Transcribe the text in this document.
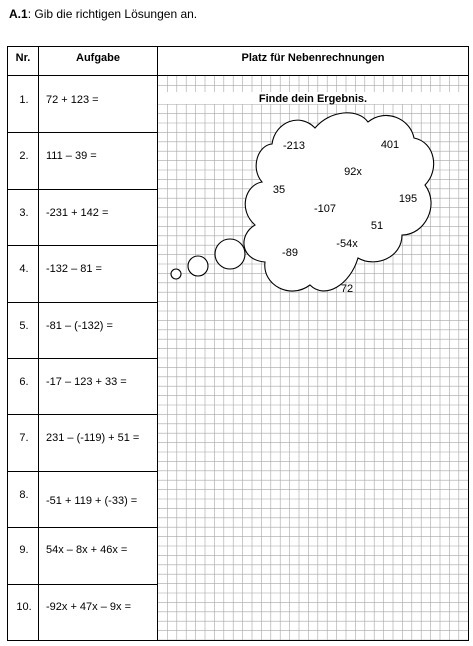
A.1: Gib die richtigen Lösungen an.
Finde dein Ergebnis.
-213	401
92x
35
195
-107
51
-54x
-89
72
Nr.	Aufgabe	Platz für Nebenrechnungen
1. 72 + 123 =
2. 111 – 39 =
3. -231 + 142 =
4. -132 – 81 =
5. -81 – (-132) =
6. -17 – 123 + 33 =
7. 231 – (-119) + 51 =
8. -51 + 119 + (-33) =
9. 54x – 8x + 46x =
10. -92x + 47x – 9x =
